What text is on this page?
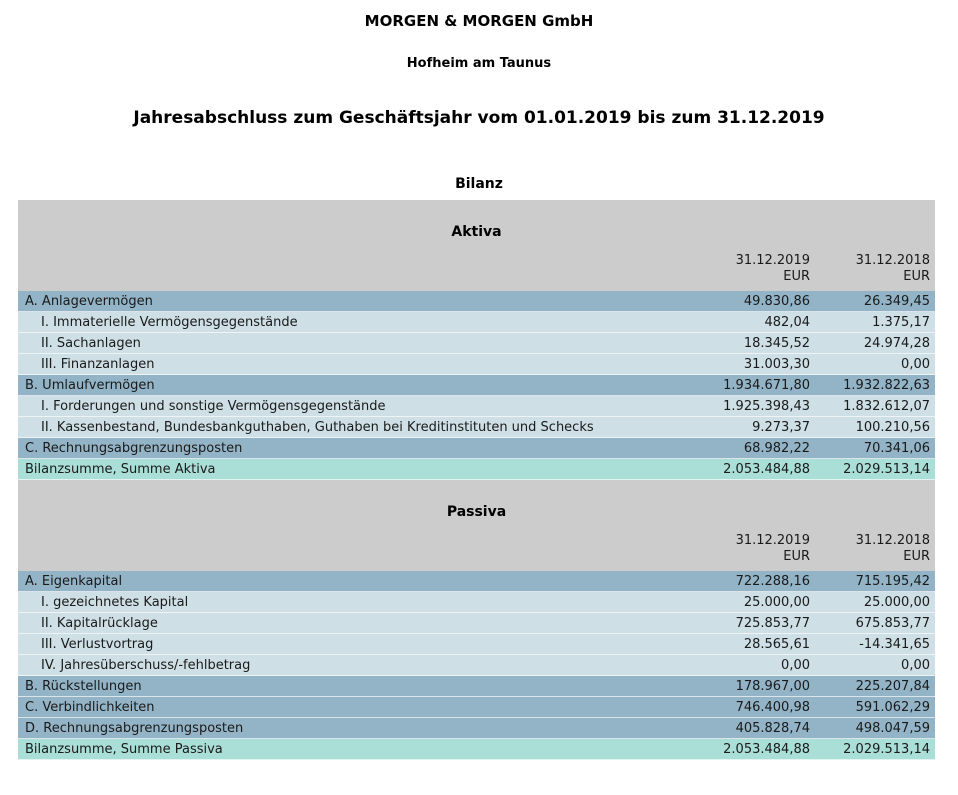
MORGEN & MORGEN GmbH
Hofheim am Taunus
Jahresabschluss zum Geschäftsjahr vom 01.01.2019 bis zum 31.12.2019
Bilanz
Aktiva
31.12.2019
EUR
31.12.2018
EUR
A. Anlagevermögen	49.830,86	26.349,45
I. Immaterielle Vermögensgegenstände	482,04	1.375,17
II. Sachanlagen	18.345,52	24.974,28
III. Finanzanlagen	31.003,30	0,00
B. Umlaufvermögen	1.934.671,80	1.932.822,63
I. Forderungen und sonstige Vermögensgegenstände	1.925.398,43	1.832.612,07
II. Kassenbestand, Bundesbankguthaben, Guthaben bei Kreditinstituten und Schecks	9.273,37	100.210,56
C. Rechnungsabgrenzungsposten	68.982,22	70.341,06
Bilanzsumme, Summe Aktiva	2.053.484,88	2.029.513,14
Passiva
31.12.2019
EUR
31.12.2018
EUR
A. Eigenkapital	722.288,16	715.195,42
I. gezeichnetes Kapital	25.000,00	25.000,00
II. Kapitalrücklage	725.853,77	675.853,77
III. Verlustvortrag	28.565,61	-14.341,65
IV. Jahresüberschuss/-fehlbetrag	0,00	0,00
B. Rückstellungen	178.967,00	225.207,84
C. Verbindlichkeiten	746.400,98	591.062,29
D. Rechnungsabgrenzungsposten	405.828,74	498.047,59
Bilanzsumme, Summe Passiva	2.053.484,88	2.029.513,14
